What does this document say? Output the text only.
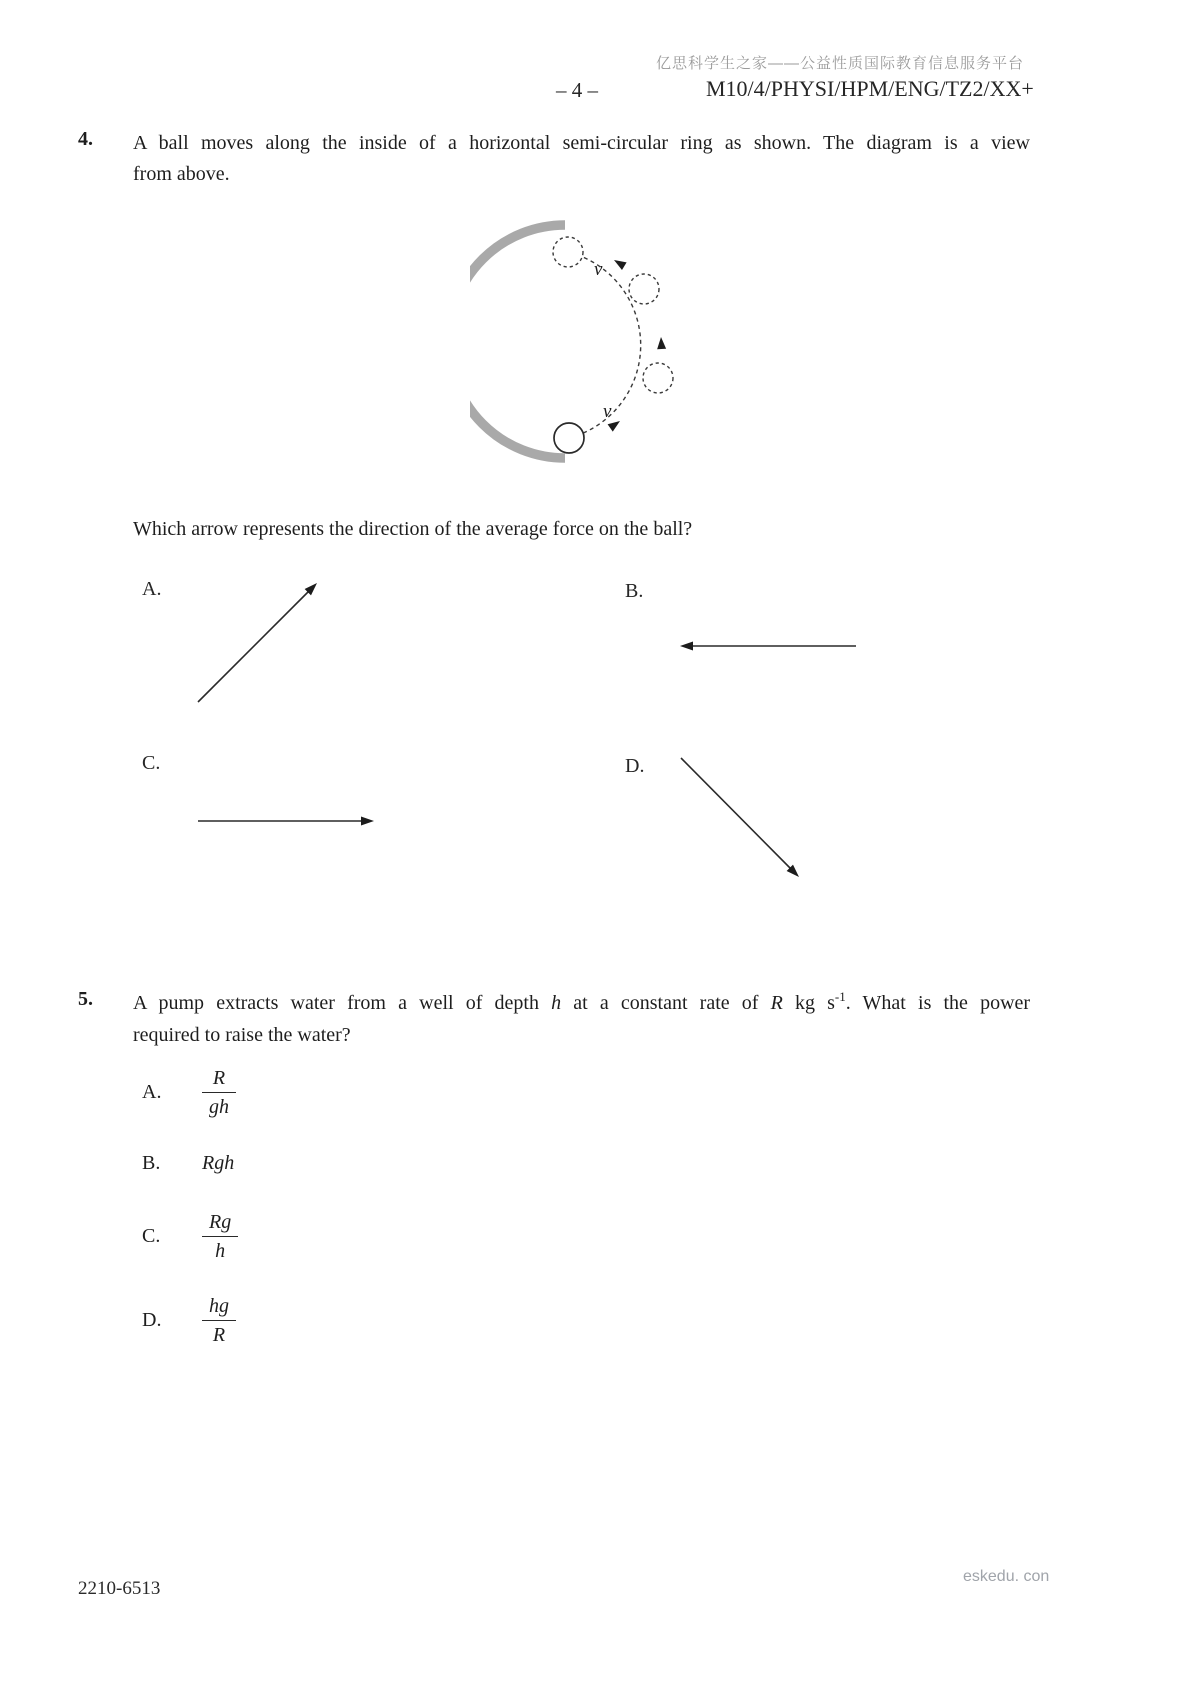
亿思科学生之家——公益性质国际教育信息服务平台
– 4 –	M10/4/PHYSI/HPM/ENG/TZ2/XX+
4. A ball moves along the inside of a horizontal semi-circular ring as shown. The diagram is a view
from above.
v
v
Which arrow represents the direction of the average force on the ball?
A.	B.
C.	D.
5. A pump extracts water from a well of depth h at a constant rate of R kg $s^{-1}$. What is the power
required to raise the water?
A.	$\frac{R}{gh}$
B.	Rgh
C.	$\frac{Rg}{h}$
D.	$\frac{hg}{R}$
2210-6513
eskedu. con
